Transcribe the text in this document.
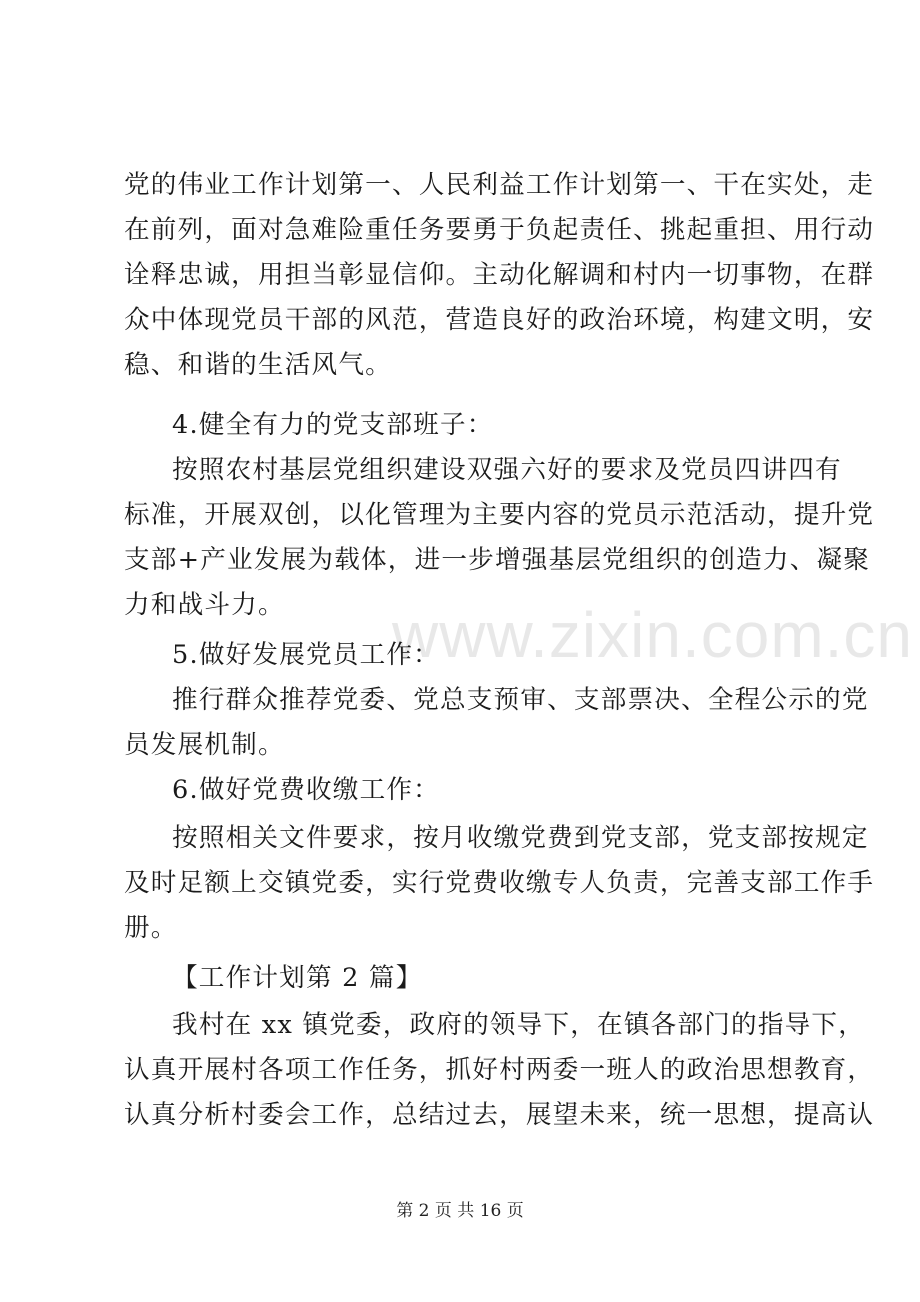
www.zixin.com.cn
党的伟业工作计划第一、人民利益工作计划第一、干在实处，走
在前列，面对急难险重任务要勇于负起责任、挑起重担、用行动
诠释忠诚，用担当彰显信仰。主动化解调和村内一切事物，在群
众中体现党员干部的风范，营造良好的政治环境，构建文明，安
稳、和谐的生活风气。
4.健全有力的党支部班子：
按照农村基层党组织建设双强六好的要求及党员四讲四有
标准，开展双创，以化管理为主要内容的党员示范活动，提升党
支部+产业发展为载体，进一步增强基层党组织的创造力、凝聚
力和战斗力。
5.做好发展党员工作：
推行群众推荐党委、党总支预审、支部票决、全程公示的党
员发展机制。
6.做好党费收缴工作：
按照相关文件要求，按月收缴党费到党支部，党支部按规定
及时足额上交镇党委，实行党费收缴专人负责，完善支部工作手
册。
【工作计划第 2 篇】
我村在 xx 镇党委，政府的领导下，在镇各部门的指导下，
认真开展村各项工作任务，抓好村两委一班人的政治思想教育，
认真分析村委会工作，总结过去，展望未来，统一思想，提高认
第 2 页 共 16 页
